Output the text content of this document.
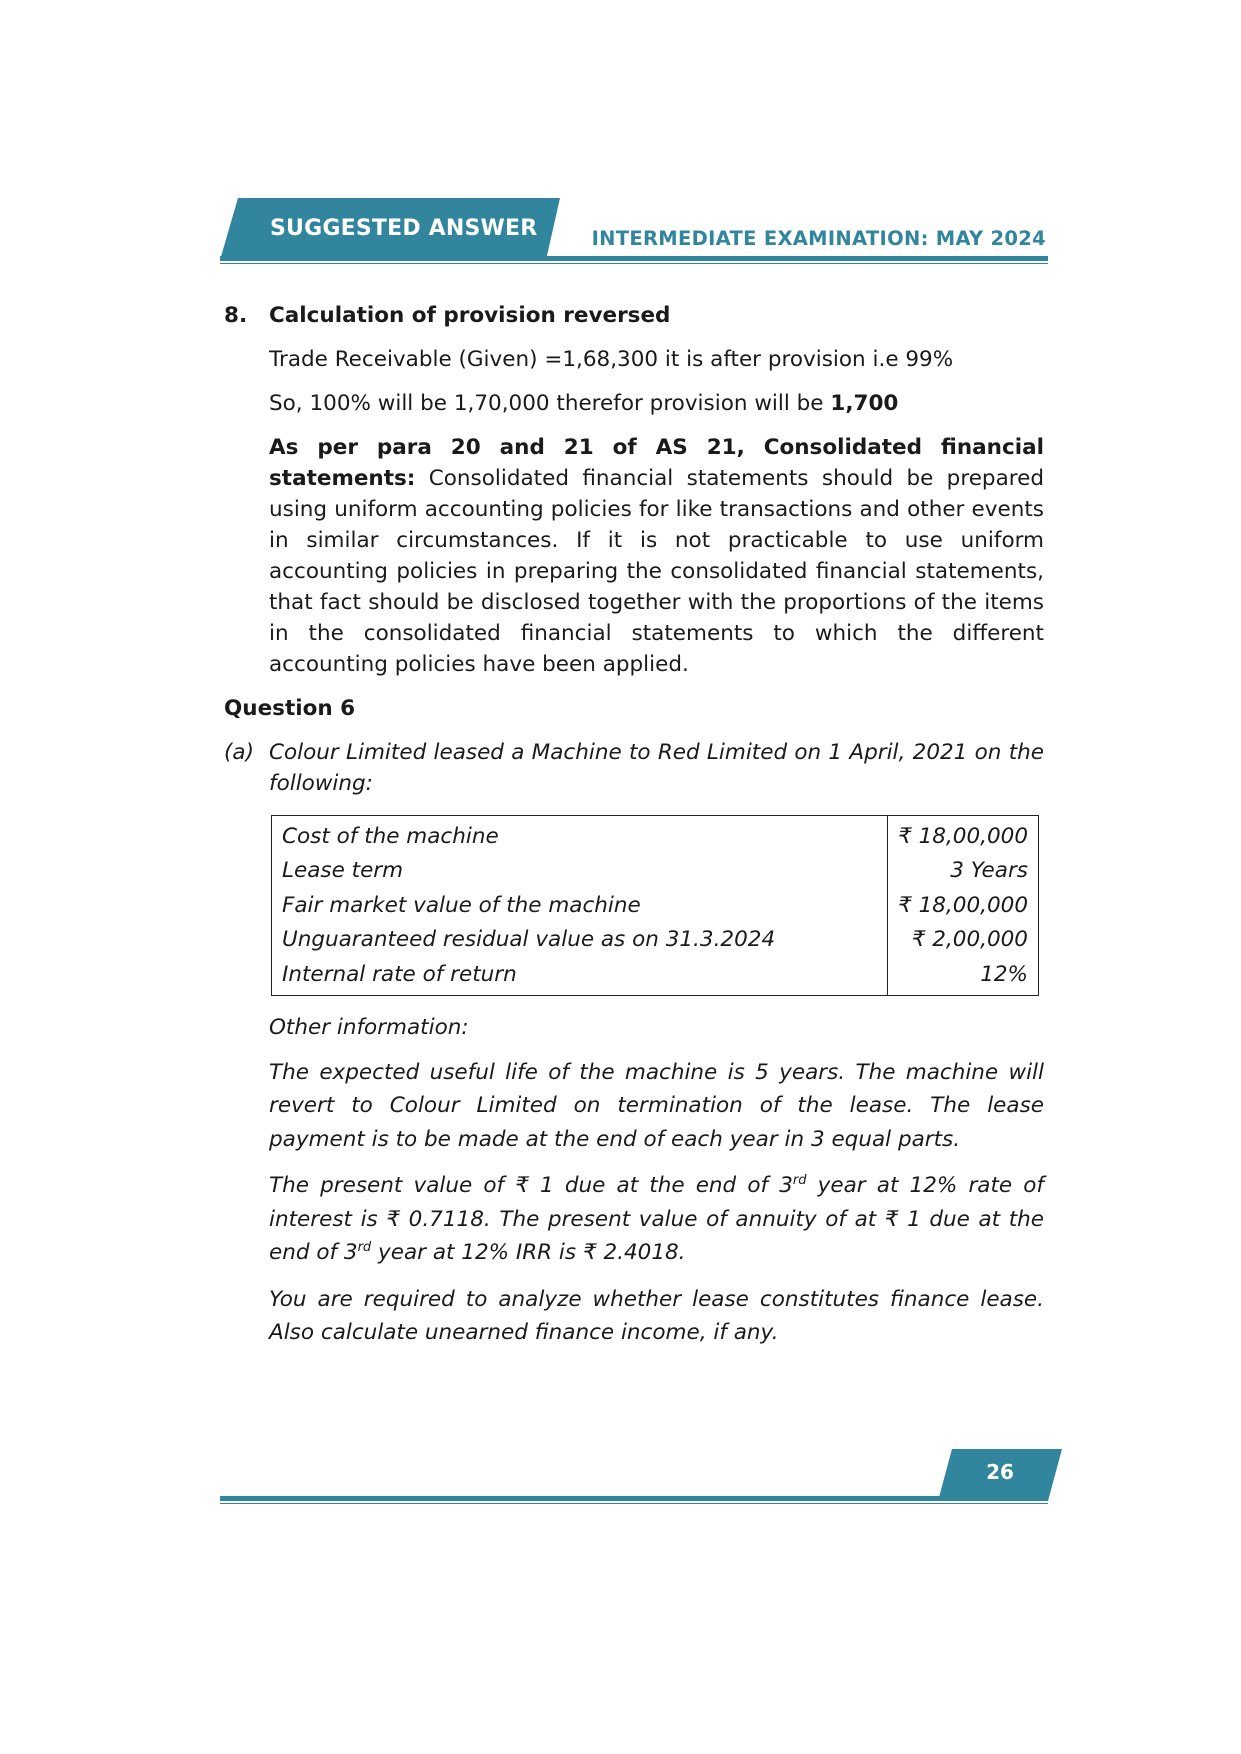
SUGGESTED ANSWER	INTERMEDIATE EXAMINATION: MAY 2024
8.	Calculation of provision reversed

Trade Receivable (Given) =1,68,300 it is after provision i.e 99%

So, 100% will be 1,70,000 therefor provision will be 1,700

As per para 20 and 21 of AS 21, Consolidated financial statements: Consolidated financial statements should be prepared using uniform accounting policies for like transactions and other events in similar circumstances. If it is not practicable to use uniform accounting policies in preparing the consolidated financial statements, that fact should be disclosed together with the proportions of the items in the consolidated financial statements to which the different accounting policies have been applied.

Question 6

(a) Colour Limited leased a Machine to Red Limited on 1 April, 2021 on the following:
Cost of the machine	₹ 18,00,000
Lease term	3 Years
Fair market value of the machine	₹ 18,00,000
Unguaranteed residual value as on 31.3.2024	₹ 2,00,000
Internal rate of return	12%

Other information:

The expected useful life of the machine is 5 years. The machine will revert to Colour Limited on termination of the lease. The lease payment is to be made at the end of each year in 3 equal parts.

The present value of ₹ 1 due at the end of 3rd year at 12% rate of interest is ₹ 0.7118. The present value of annuity of at ₹ 1 due at the end of 3rd year at 12% IRR is ₹ 2.4018.

You are required to analyze whether lease constitutes finance lease. Also calculate unearned finance income, if any.

26
